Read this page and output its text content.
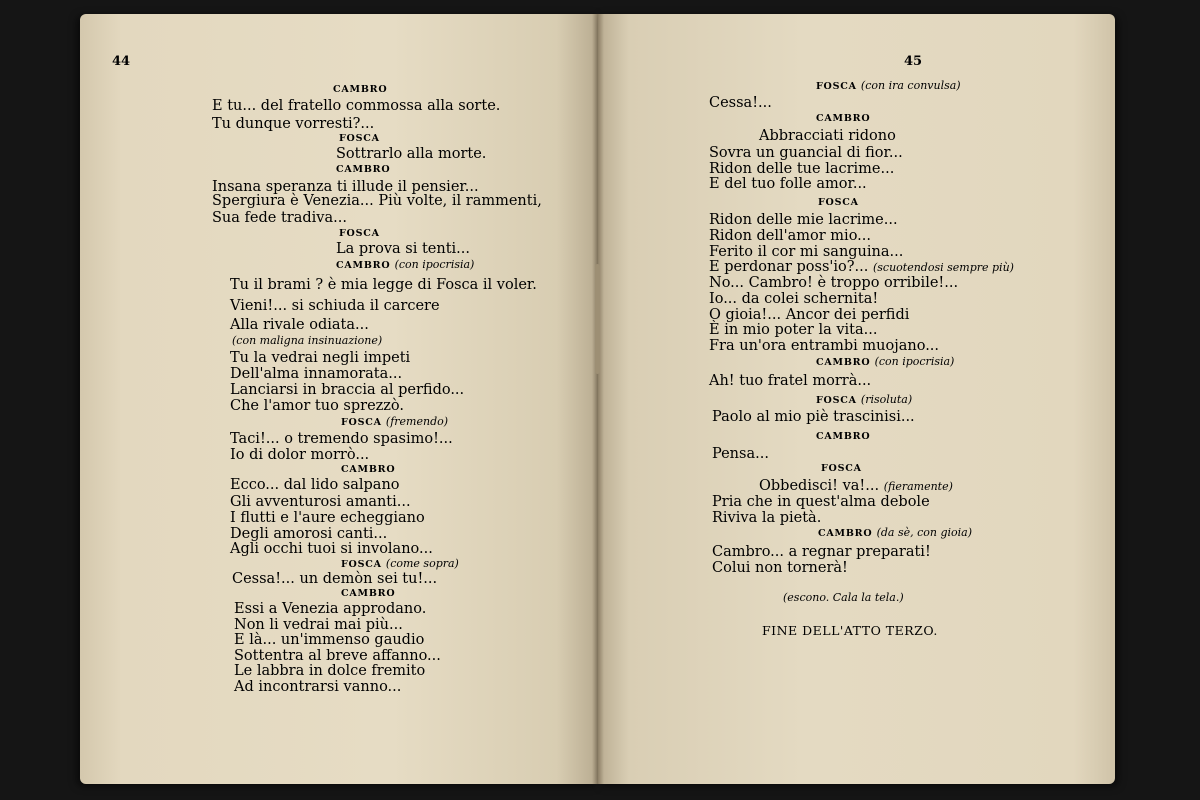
44	45
CAMBRO
E tu... del fratello commossa alla sorte.
Tu dunque vorresti?...
FOSCA
Sottrarlo alla morte.
CAMBRO
Insana speranza ti illude il pensier...
Spergiura è Venezia... Più volte, il rammenti,
Sua fede tradiva...
FOSCA
La prova si tenti...
CAMBRO (con ipocrisia)
Tu il brami ? è mia legge di Fosca il voler.
Vieni!... si schiuda il carcere
Alla rivale odiata...
(con maligna insinuazione)
Tu la vedrai negli impeti
Dell'alma innamorata...
Lanciarsi in braccia al perfido...
Che l'amor tuo sprezzò.
FOSCA (fremendo)
Taci!... o tremendo spasimo!...
Io di dolor morrò...
CAMBRO
Ecco... dal lido salpano
Gli avventurosi amanti...
I flutti e l'aure echeggiano
Degli amorosi canti...
Agli occhi tuoi si involano...
FOSCA (come sopra)
Cessa!... un demòn sei tu!...
CAMBRO
Essi a Venezia approdano.
Non li vedrai mai più...
E là... un'immenso gaudio
Sottentra al breve affanno...
Le labbra in dolce fremito
Ad incontrarsi vanno...
FOSCA (con ira convulsa)
Cessa!...
CAMBRO
Abbracciati ridono
Sovra un guancial di fior...
Ridon delle tue lacrime...
E del tuo folle amor...
FOSCA
Ridon delle mie lacrime...
Ridon dell'amor mio...
Ferito il cor mi sanguina...
E perdonar poss'io?... (scuotendosi sempre più)
No... Cambro! è troppo orribile!...
Io... da colei schernita!
O gioia!... Ancor dei perfidi
È in mio poter la vita...
Fra un'ora entrambi muojano...
CAMBRO (con ipocrisia)
Ah! tuo fratel morrà...
FOSCA (risoluta)
Paolo al mio piè trascinisi...
CAMBRO
Pensa...
FOSCA
Obbedisci! va!... (fieramente)
Pria che in quest'alma debole
Riviva la pietà.
CAMBRO (da sè, con gioia)
Cambro... a regnar preparati!
Colui non tornerà!
(escono. Cala la tela.)
FINE DELL'ATTO TERZO.
